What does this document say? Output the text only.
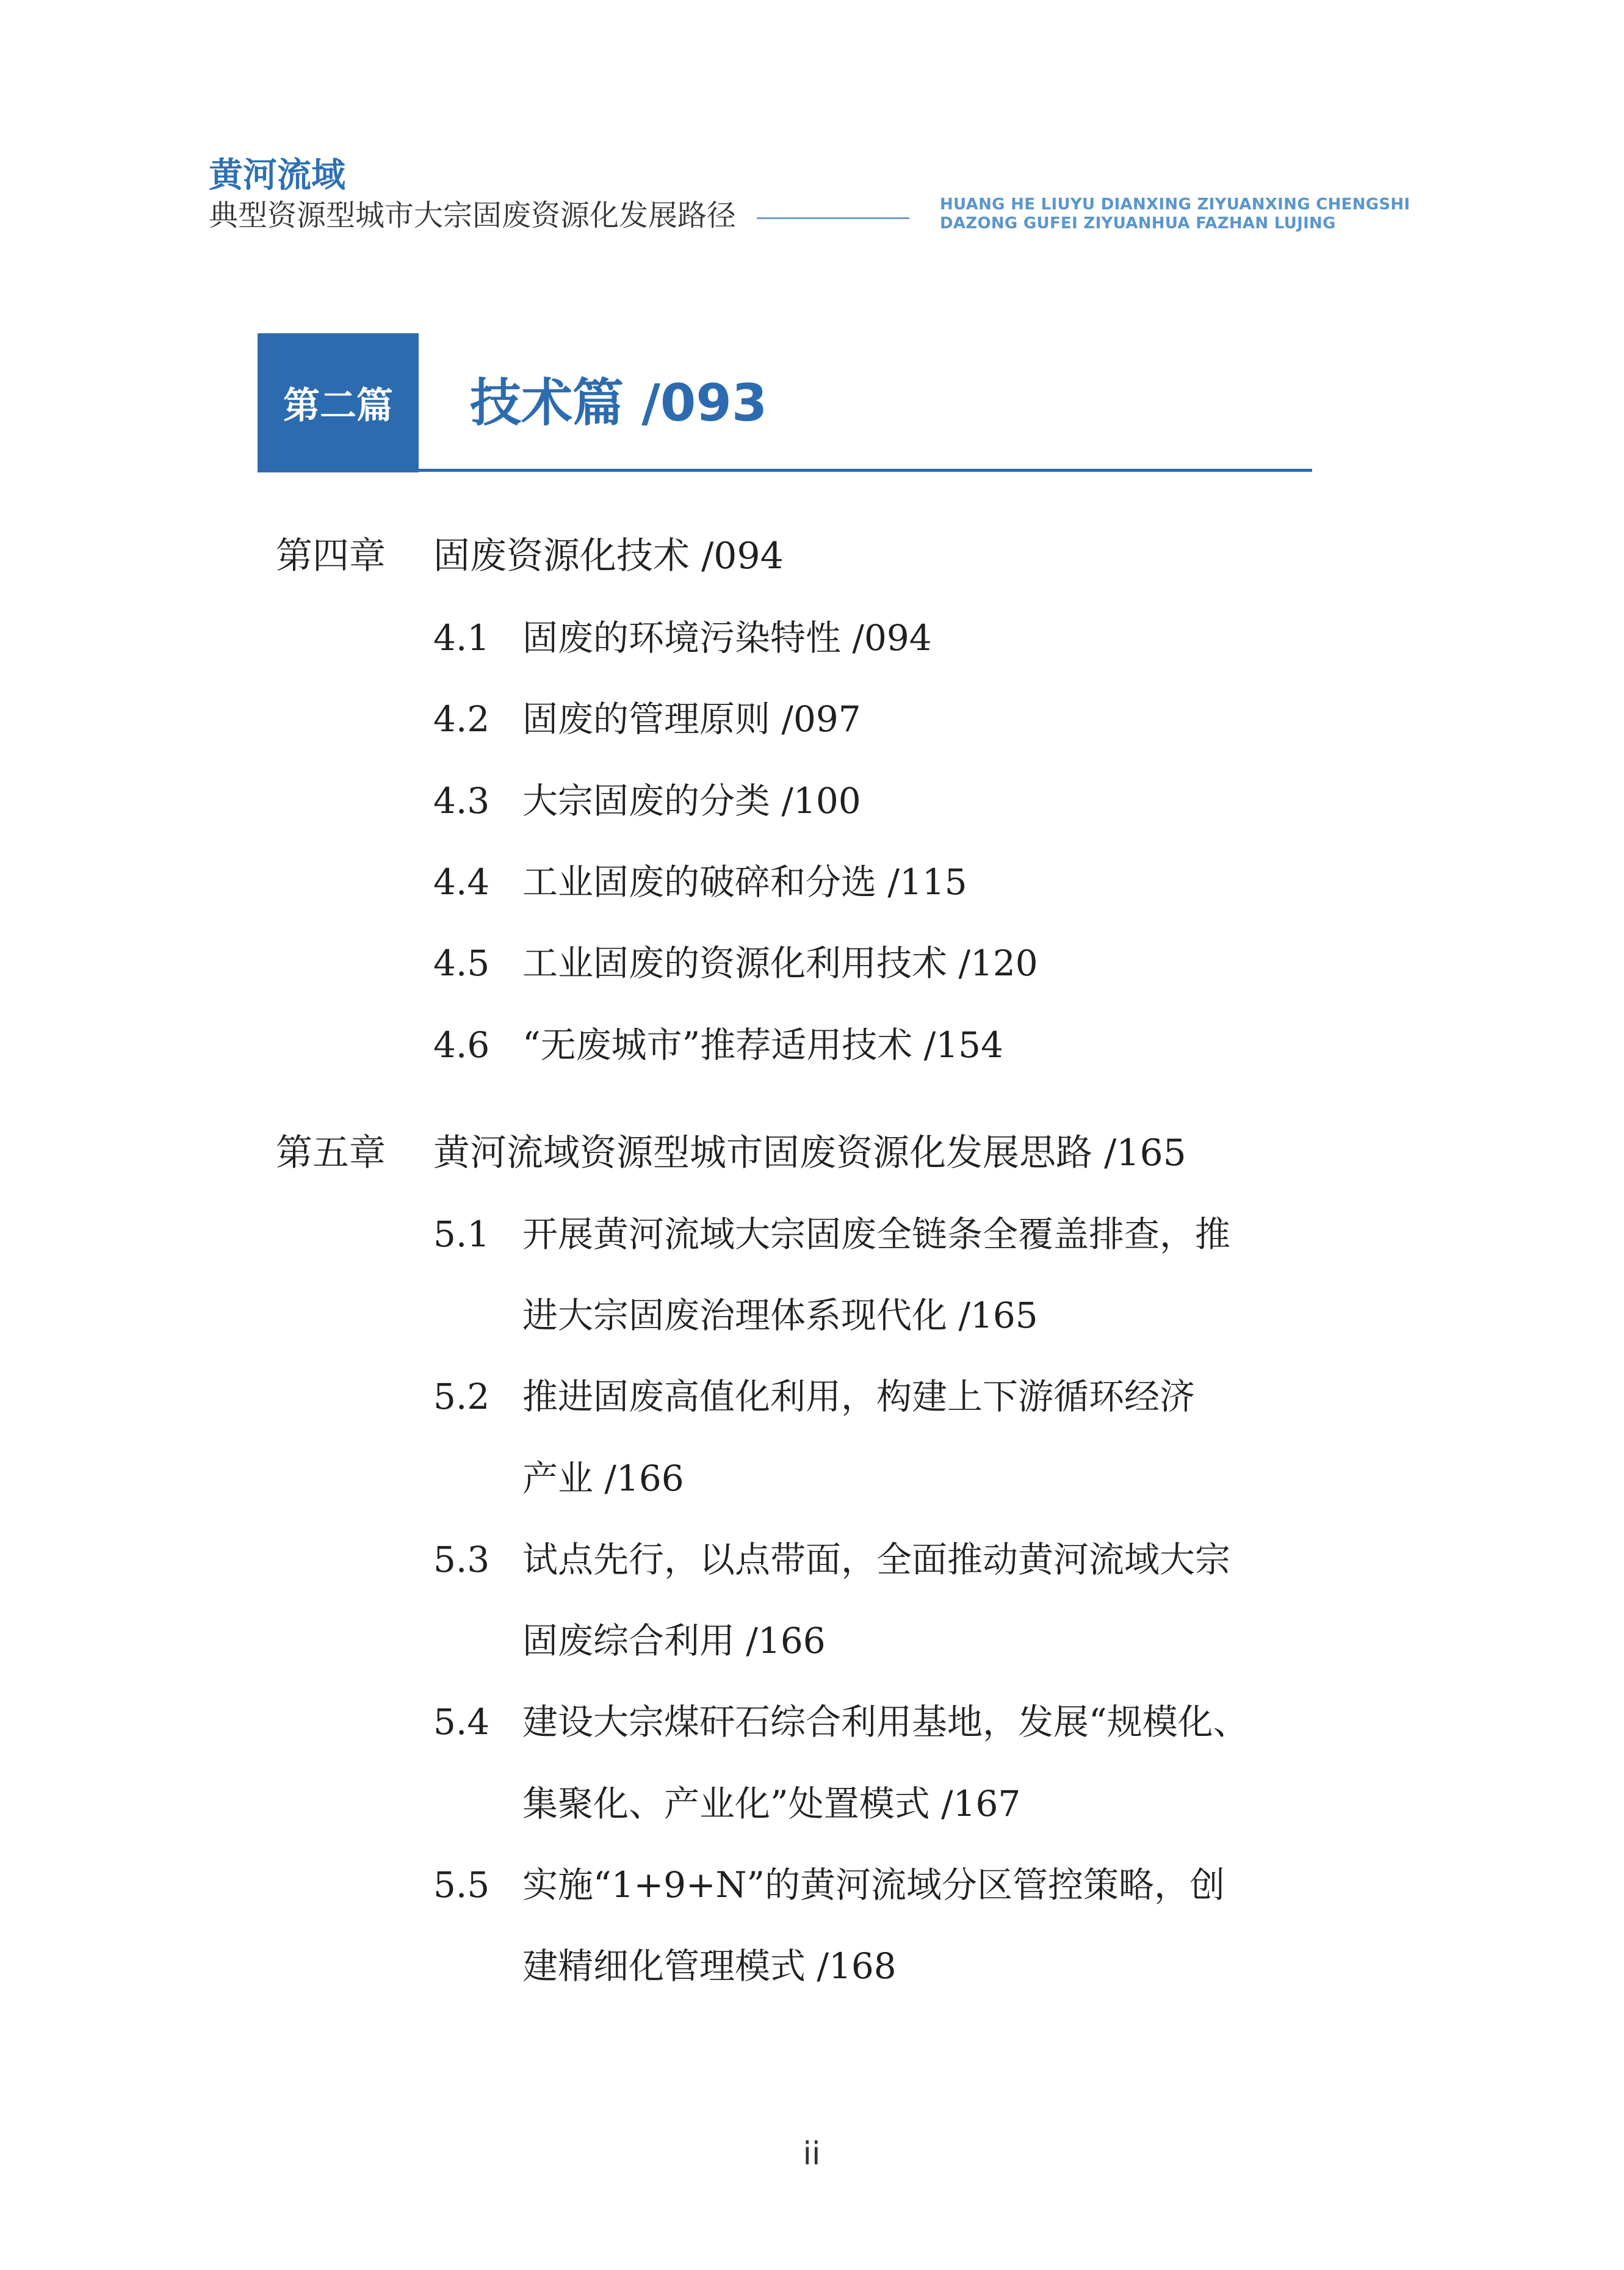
黄河流域
典型资源型城市大宗固废资源化发展路径	HUANG HE LIUYU DIANXING ZIYUANXING CHENGSHI
DAZONG GUFEI ZIYUANHUA FAZHAN LUJING
第二篇 技术篇 /093
第四章 固废资源化技术 /094
4.1 固废的环境污染特性 /094
4.2 固废的管理原则 /097
4.3 大宗固废的分类 /100
4.4 工业固废的破碎和分选 /115
4.5 工业固废的资源化利用技术 /120
4.6 “无废城市”推荐适用技术 /154
第五章 黄河流域资源型城市固废资源化发展思路 /165
5.1 开展黄河流域大宗固废全链条全覆盖排查，推
进大宗固废治理体系现代化 /165
5.2 推进固废高值化利用，构建上下游循环经济
产业 /166
5.3 试点先行，以点带面，全面推动黄河流域大宗
固废综合利用 /166
5.4 建设大宗煤矸石综合利用基地，发展“规模化、
集聚化、产业化”处置模式 /167
5.5 实施“1+9+N”的黄河流域分区管控策略，创
建精细化管理模式 /168
ii
